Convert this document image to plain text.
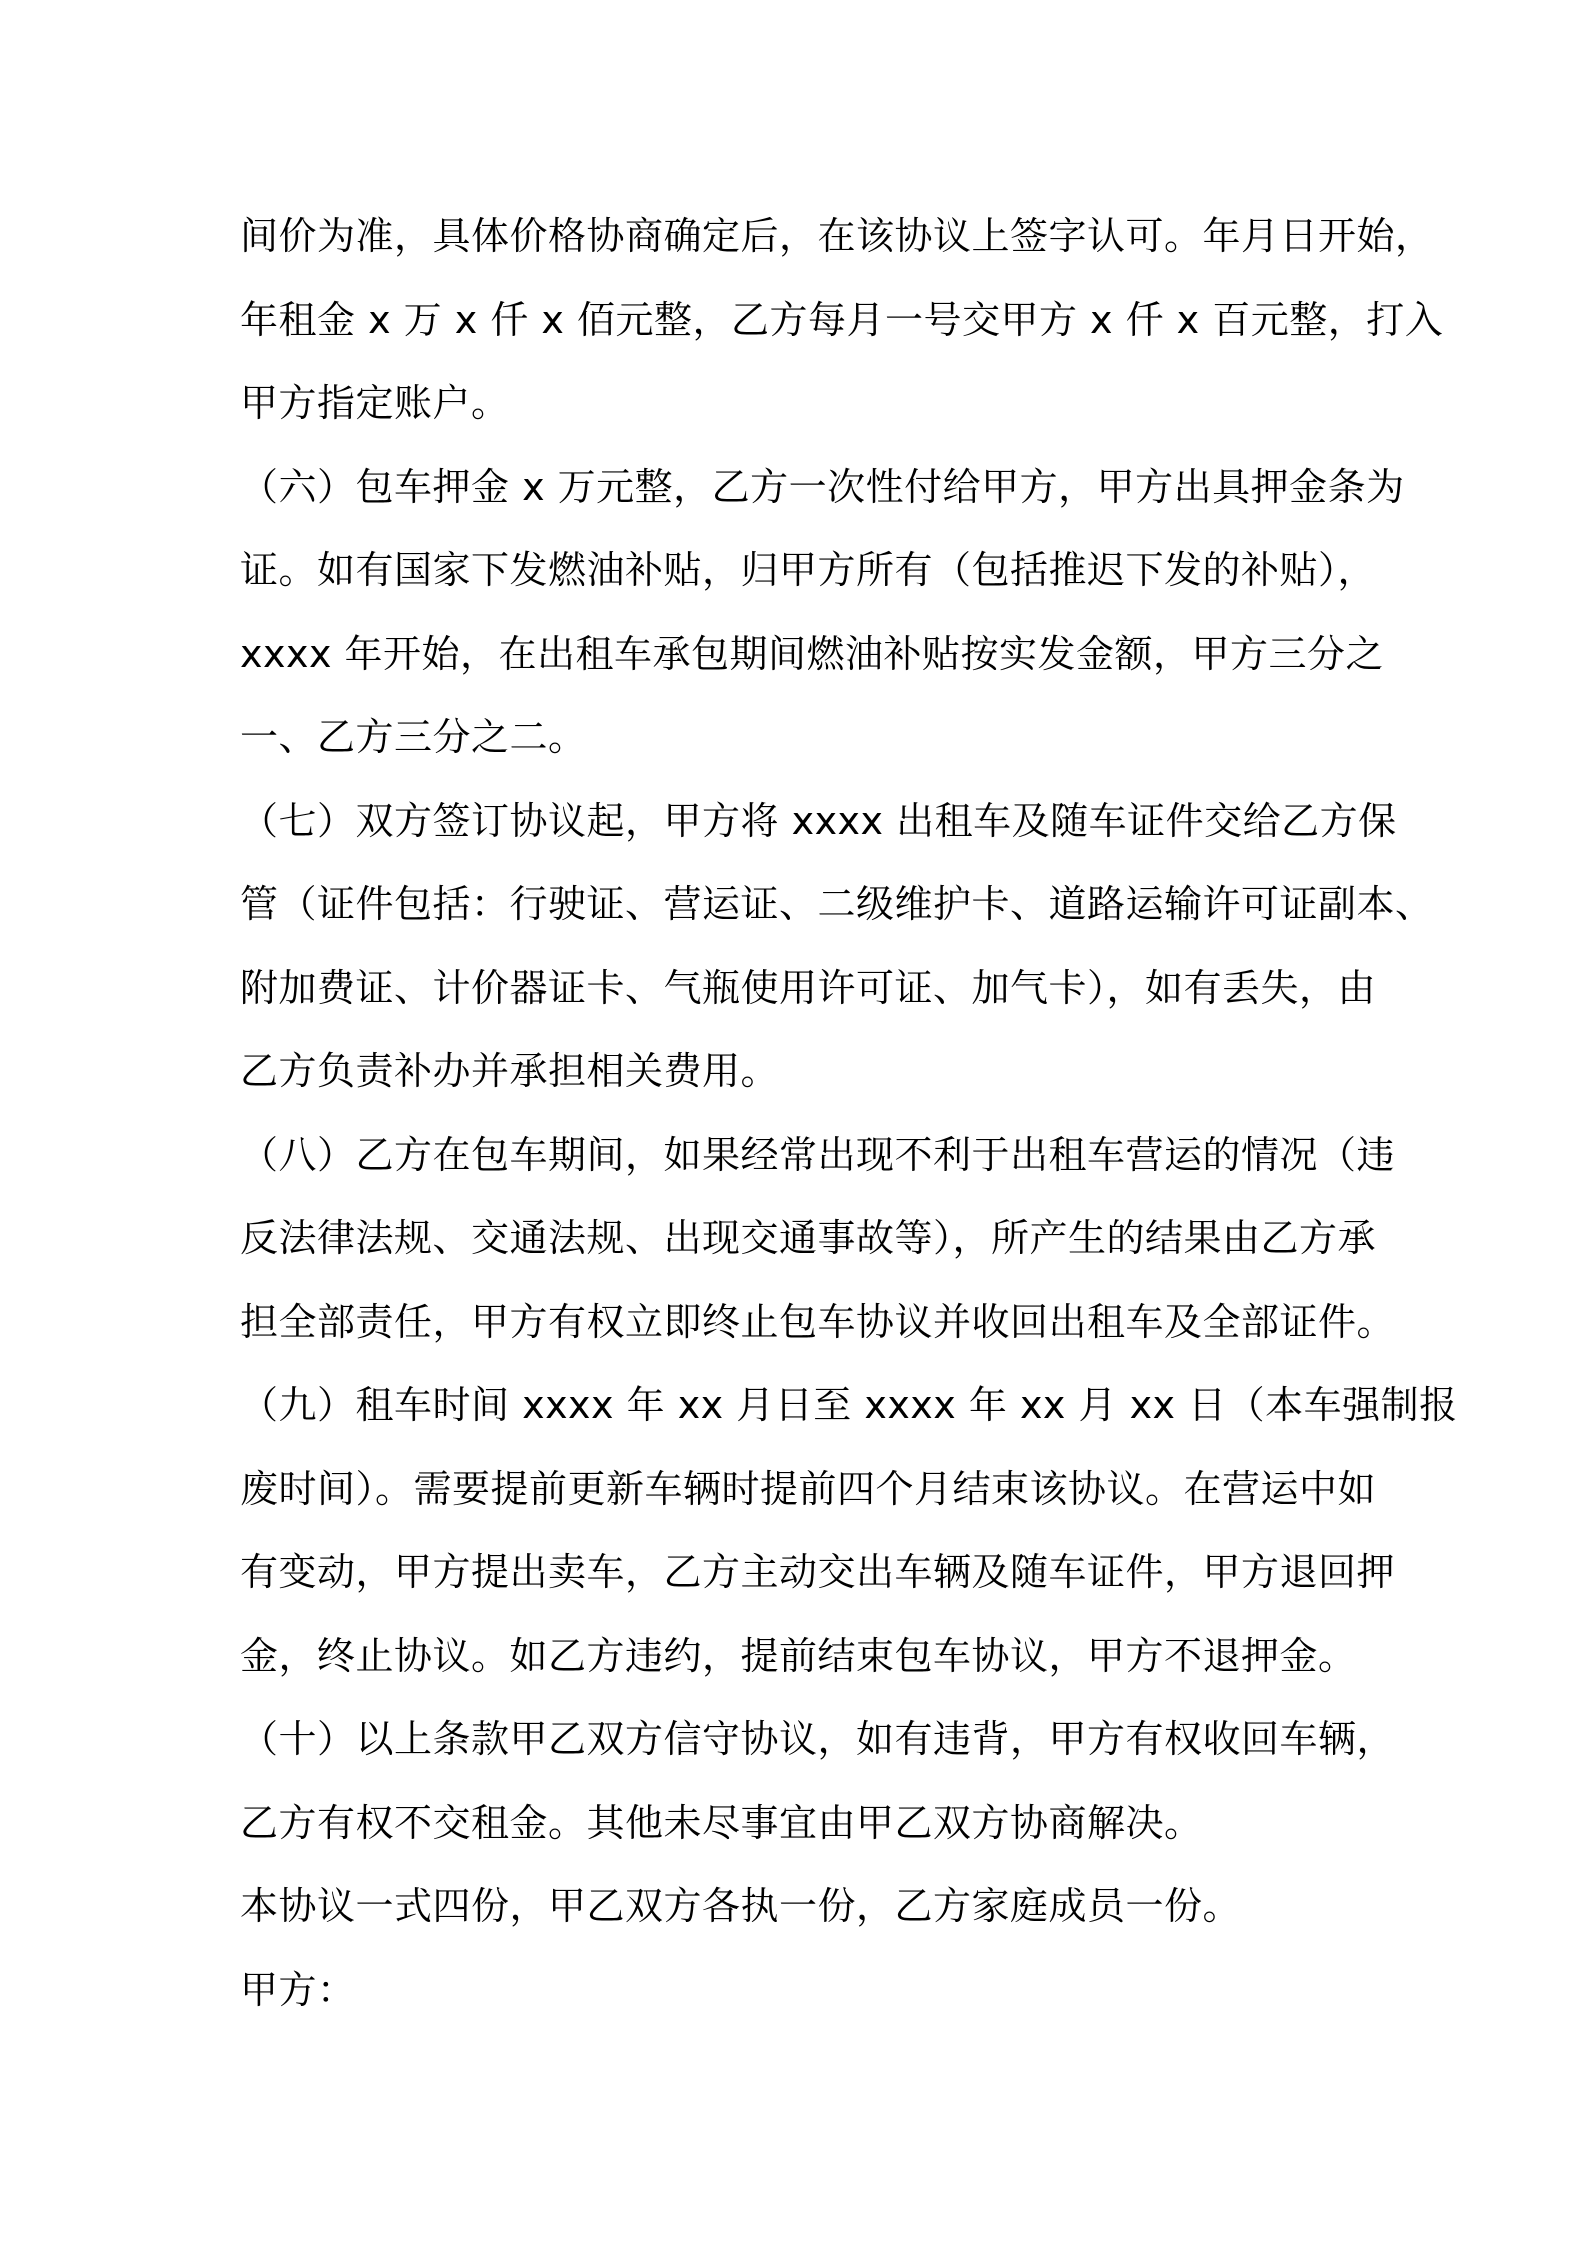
间价为准，具体价格协商确定后，在该协议上签字认可。年月日开始，
年租金 x 万 x 仟 x 佰元整，乙方每月一号交甲方 x 仟 x 百元整，打入
甲方指定账户。
（六）包车押金 x 万元整，乙方一次性付给甲方，甲方出具押金条为
证。如有国家下发燃油补贴，归甲方所有（包括推迟下发的补贴），
xxxx 年开始，在出租车承包期间燃油补贴按实发金额，甲方三分之
一、乙方三分之二。
（七）双方签订协议起，甲方将 xxxx 出租车及随车证件交给乙方保
管（证件包括：行驶证、营运证、二级维护卡、道路运输许可证副本、
附加费证、计价器证卡、气瓶使用许可证、加气卡），如有丢失，由
乙方负责补办并承担相关费用。
（八）乙方在包车期间，如果经常出现不利于出租车营运的情况（违
反法律法规、交通法规、出现交通事故等），所产生的结果由乙方承
担全部责任，甲方有权立即终止包车协议并收回出租车及全部证件。
（九）租车时间 xxxx 年 xx 月日至 xxxx 年 xx 月 xx 日（本车强制报
废时间）。需要提前更新车辆时提前四个月结束该协议。在营运中如
有变动，甲方提出卖车，乙方主动交出车辆及随车证件，甲方退回押
金，终止协议。如乙方违约，提前结束包车协议，甲方不退押金。
（十）以上条款甲乙双方信守协议，如有违背，甲方有权收回车辆，
乙方有权不交租金。其他未尽事宜由甲乙双方协商解决。
本协议一式四份，甲乙双方各执一份，乙方家庭成员一份。
甲方：
